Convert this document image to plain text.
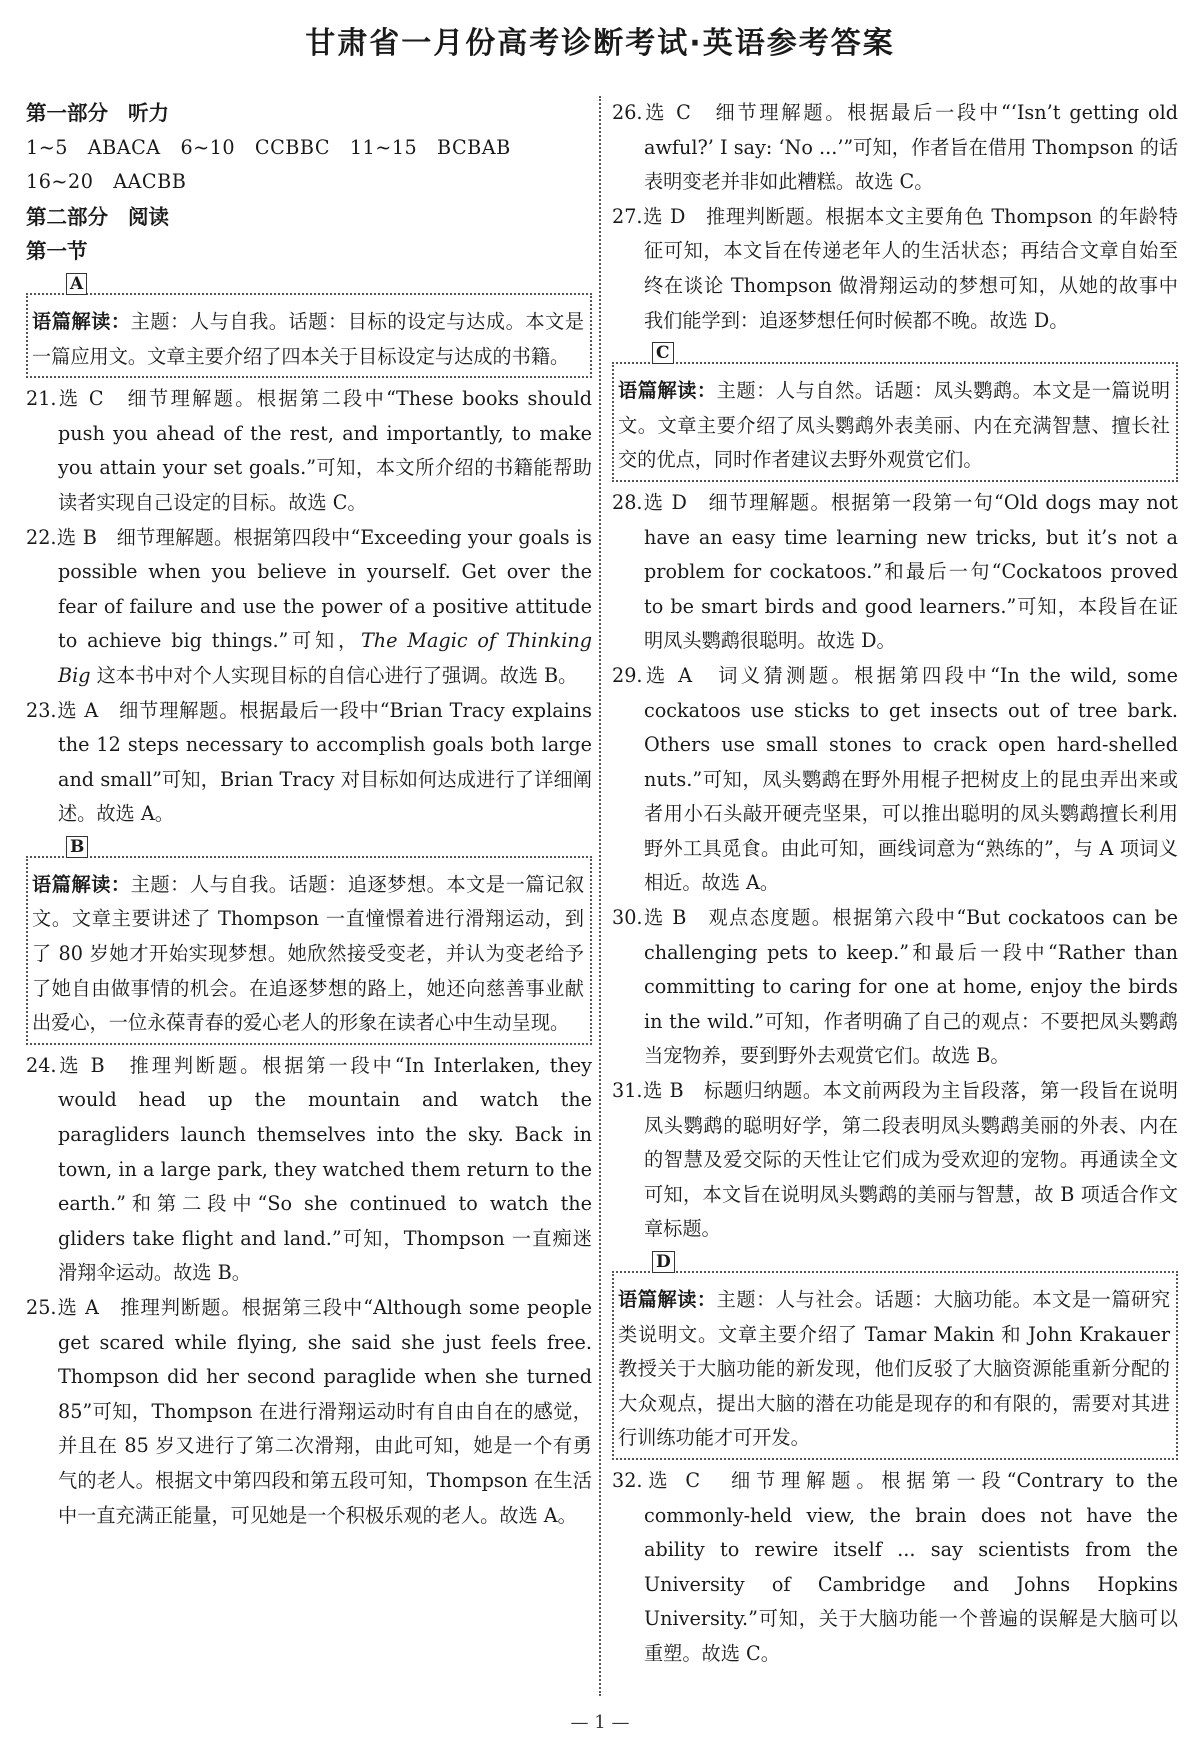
甘肃省一月份高考诊断考试·英语参考答案
第一部分 听力
1~5   ABACA   6~10   CCBBC   11~15   BCBAB
16~20   AACBB
第二部分 阅读
第一节
A
语篇解读：主题：人与自我。话题：目标的设定与达成。本文是一篇应用文。文章主要介绍了四本关于目标设定与达成的书籍。
21.选 C　细节理解题。根据第二段中“These books should push you ahead of the rest, and importantly, to make you attain your set goals.”可知，本文所介绍的书籍能帮助读者实现自己设定的目标。故选 C。
22.选 B　细节理解题。根据第四段中“Exceeding your goals is possible when you believe in yourself. Get over the fear of failure and use the power of a positive attitude to achieve big things.”可知，The Magic of Thinking Big 这本书中对个人实现目标的自信心进行了强调。故选 B。
23.选 A　细节理解题。根据最后一段中“Brian Tracy explains the 12 steps necessary to accomplish goals both large and small”可知，Brian Tracy 对目标如何达成进行了详细阐述。故选 A。
B
语篇解读：主题：人与自我。话题：追逐梦想。本文是一篇记叙文。文章主要讲述了 Thompson 一直憧憬着进行滑翔运动，到了 80 岁她才开始实现梦想。她欣然接受变老，并认为变老给予了她自由做事情的机会。在追逐梦想的路上，她还向慈善事业献出爱心，一位永葆青春的爱心老人的形象在读者心中生动呈现。
24.选 B　推理判断题。根据第一段中“In Interlaken, they would head up the mountain and watch the paragliders launch themselves into the sky. Back in town, in a large park, they watched them return to the earth.”和第二段中“So she continued to watch the gliders take flight and land.”可知，Thompson 一直痴迷滑翔伞运动。故选 B。
25.选 A　推理判断题。根据第三段中“Although some people get scared while flying, she said she just feels free. Thompson did her second paraglide when she turned 85”可知，Thompson 在进行滑翔运动时有自由自在的感觉，并且在 85 岁又进行了第二次滑翔，由此可知，她是一个有勇气的老人。根据文中第四段和第五段可知，Thompson 在生活中一直充满正能量，可见她是一个积极乐观的老人。故选 A。
26.选 C　细节理解题。根据最后一段中“‘Isn’t getting old awful?’ I say: ‘No ...’”可知，作者旨在借用 Thompson 的话表明变老并非如此糟糕。故选 C。
27.选 D　推理判断题。根据本文主要角色 Thompson 的年龄特征可知，本文旨在传递老年人的生活状态；再结合文章自始至终在谈论 Thompson 做滑翔运动的梦想可知，从她的故事中我们能学到：追逐梦想任何时候都不晚。故选 D。
C
语篇解读：主题：人与自然。话题：凤头鹦鹉。本文是一篇说明文。文章主要介绍了凤头鹦鹉外表美丽、内在充满智慧、擅长社交的优点，同时作者建议去野外观赏它们。
28.选 D　细节理解题。根据第一段第一句“Old dogs may not have an easy time learning new tricks, but it’s not a problem for cockatoos.”和最后一句“Cockatoos proved to be smart birds and good learners.”可知，本段旨在证明凤头鹦鹉很聪明。故选 D。
29.选 A　词义猜测题。根据第四段中“In the wild, some cockatoos use sticks to get insects out of tree bark. Others use small stones to crack open hard-shelled nuts.”可知，凤头鹦鹉在野外用棍子把树皮上的昆虫弄出来或者用小石头敲开硬壳坚果，可以推出聪明的凤头鹦鹉擅长利用野外工具觅食。由此可知，画线词意为“熟练的”，与 A 项词义相近。故选 A。
30.选 B　观点态度题。根据第六段中“But cockatoos can be challenging pets to keep.”和最后一段中“Rather than committing to caring for one at home, enjoy the birds in the wild.”可知，作者明确了自己的观点：不要把凤头鹦鹉当宠物养，要到野外去观赏它们。故选 B。
31.选 B　标题归纳题。本文前两段为主旨段落，第一段旨在说明凤头鹦鹉的聪明好学，第二段表明凤头鹦鹉美丽的外表、内在的智慧及爱交际的天性让它们成为受欢迎的宠物。再通读全文可知，本文旨在说明凤头鹦鹉的美丽与智慧，故 B 项适合作文章标题。
D
语篇解读：主题：人与社会。话题：大脑功能。本文是一篇研究类说明文。文章主要介绍了 Tamar Makin 和 John Krakauer 教授关于大脑功能的新发现，他们反驳了大脑资源能重新分配的大众观点，提出大脑的潜在功能是现存的和有限的，需要对其进行训练功能才可开发。
32.选 C　细节理解题。根据第一段“Contrary to the commonly-held view, the brain does not have the ability to rewire itself ... say scientists from the University of Cambridge and Johns Hopkins University.”可知，关于大脑功能一个普遍的误解是大脑可以重塑。故选 C。
— 1 —
